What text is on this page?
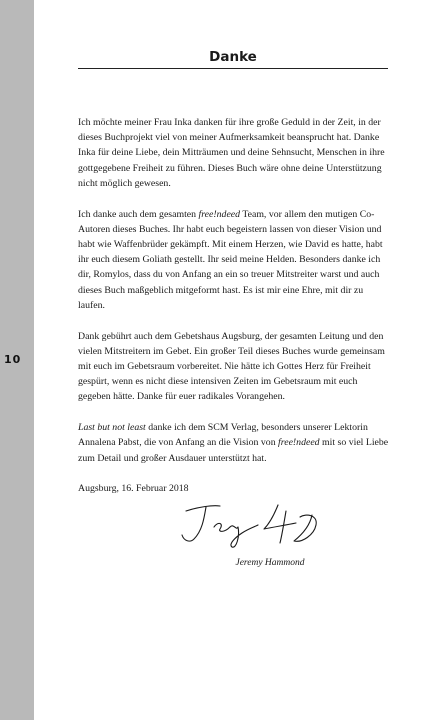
10
Danke

Ich möchte meiner Frau Inka danken für ihre große Geduld in der Zeit, in der dieses Buchprojekt viel von meiner Aufmerksamkeit beansprucht hat. Danke Inka für deine Liebe, dein Mitträumen und deine Sehnsucht, Menschen in ihre gottgegebene Freiheit zu führen. Dieses Buch wäre ohne deine Unterstützung nicht möglich gewesen.

Ich danke auch dem gesamten free!ndeed Team, vor allem den mutigen Co-Autoren dieses Buches. Ihr habt euch begeistern lassen von dieser Vision und habt wie Waffenbrüder gekämpft. Mit einem Herzen, wie David es hatte, habt ihr euch diesem Goliath gestellt. Ihr seid meine Helden. Besonders danke ich dir, Romylos, dass du von Anfang an ein so treuer Mitstreiter warst und auch dieses Buch maßgeblich mitgeformt hast. Es ist mir eine Ehre, mit dir zu laufen.

Dank gebührt auch dem Gebetshaus Augsburg, der gesamten Leitung und den vielen Mitstreitern im Gebet. Ein großer Teil dieses Buches wurde gemeinsam mit euch im Gebetsraum vorbereitet. Nie hätte ich Gottes Herz für Freiheit gespürt, wenn es nicht diese intensiven Zeiten im Gebetsraum mit euch gegeben hätte. Danke für euer radikales Vorangehen.

Last but not least danke ich dem SCM Verlag, besonders unserer Lektorin Annalena Pabst, die von Anfang an die Vision von free!ndeed mit so viel Liebe zum Detail und großer Ausdauer unterstützt hat.

Augsburg, 16. Februar 2018

Jeremy Hammond
